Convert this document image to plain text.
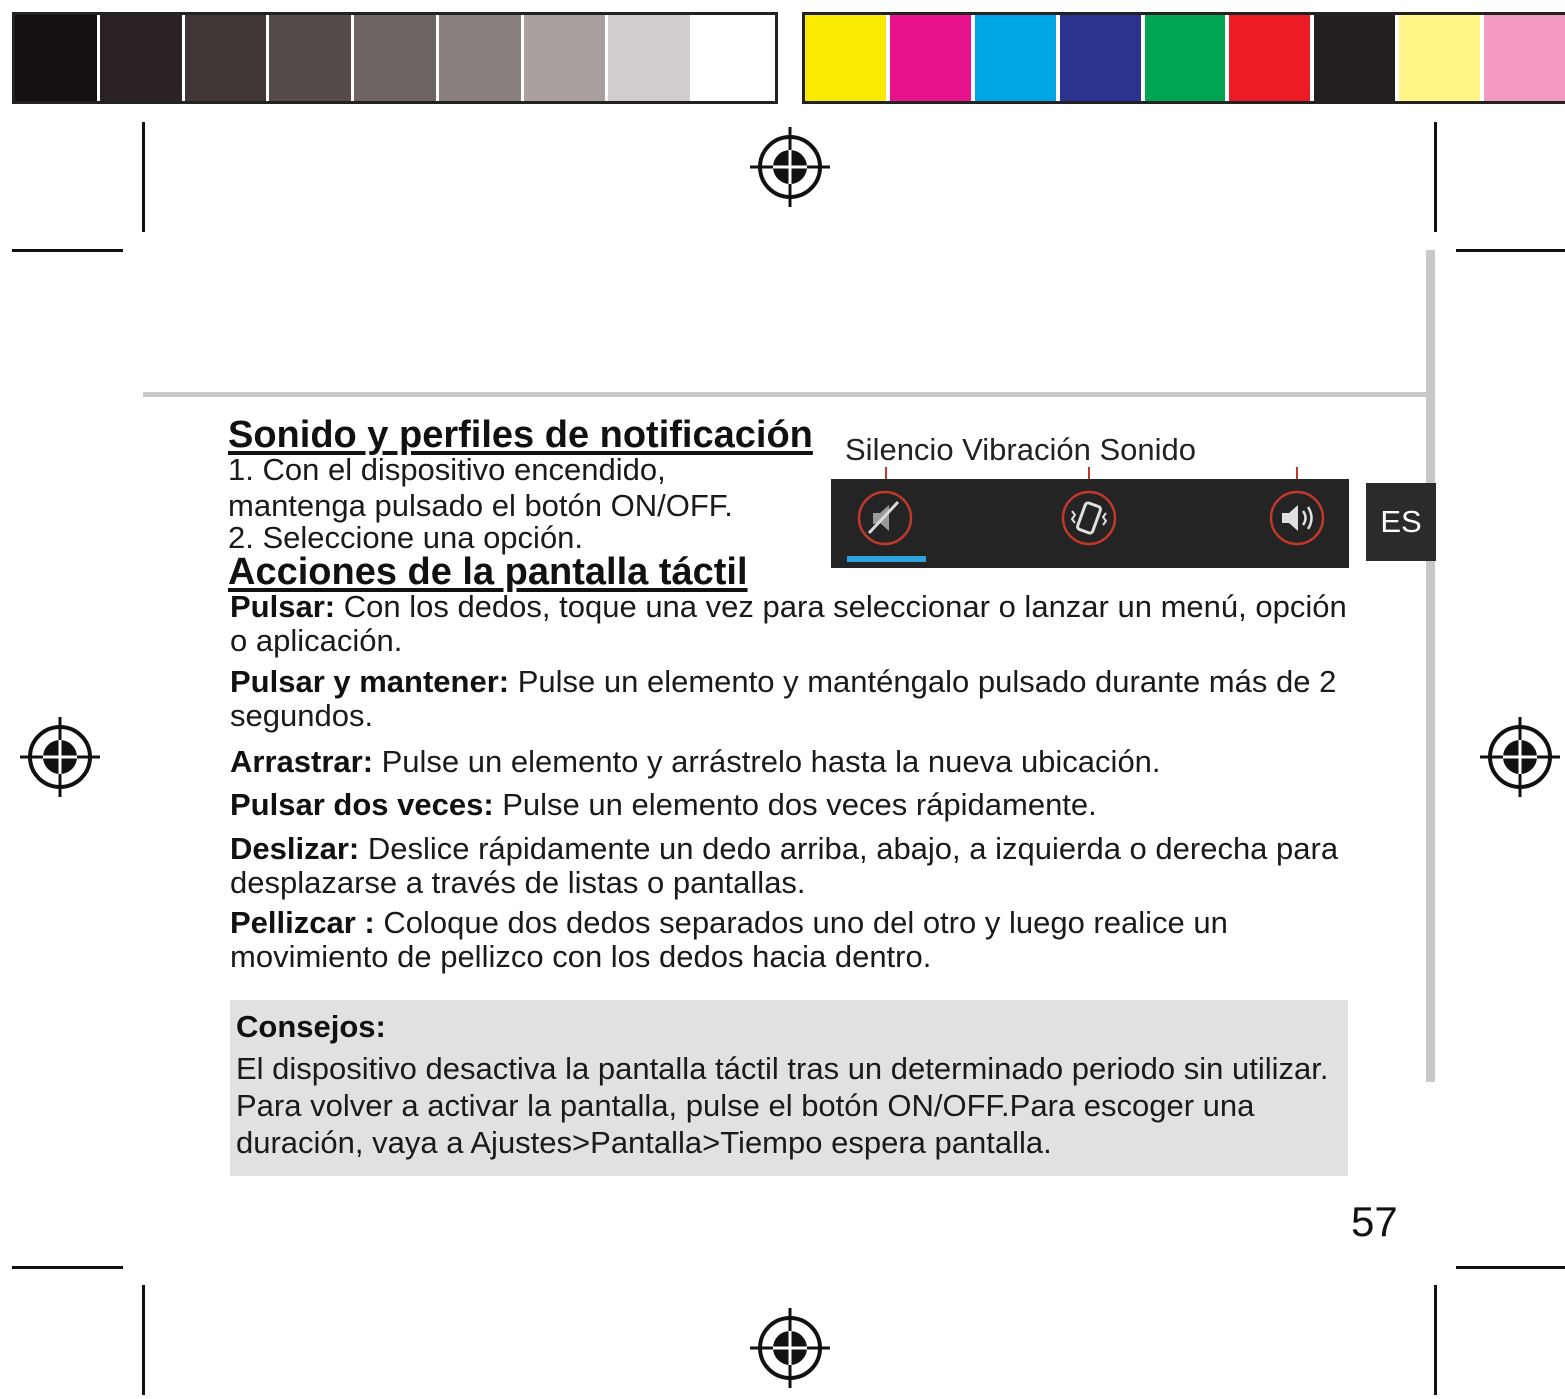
Sonido y perfiles de notificación
1. Con el dispositivo encendido,
mantenga pulsado el botón ON/OFF.
2. Seleccione una opción.
Silencio Vibración Sonido
ES
Acciones de la pantalla táctil
Pulsar: Con los dedos, toque una vez para seleccionar o lanzar un menú, opción o aplicación.
Pulsar y mantener: Pulse un elemento y manténgalo pulsado durante más de 2 segundos.
Arrastrar: Pulse un elemento y arrástrelo hasta la nueva ubicación.
Pulsar dos veces: Pulse un elemento dos veces rápidamente.
Deslizar: Deslice rápidamente un dedo arriba, abajo, a izquierda o derecha para desplazarse a través de listas o pantallas.
Pellizcar : Coloque dos dedos separados uno del otro y luego realice un movimiento de pellizco con los dedos hacia dentro.
Consejos:
El dispositivo desactiva la pantalla táctil tras un determinado periodo sin utilizar. Para volver a activar la pantalla, pulse el botón ON/OFF.Para escoger una duración, vaya a Ajustes>Pantalla>Tiempo espera pantalla.
57
